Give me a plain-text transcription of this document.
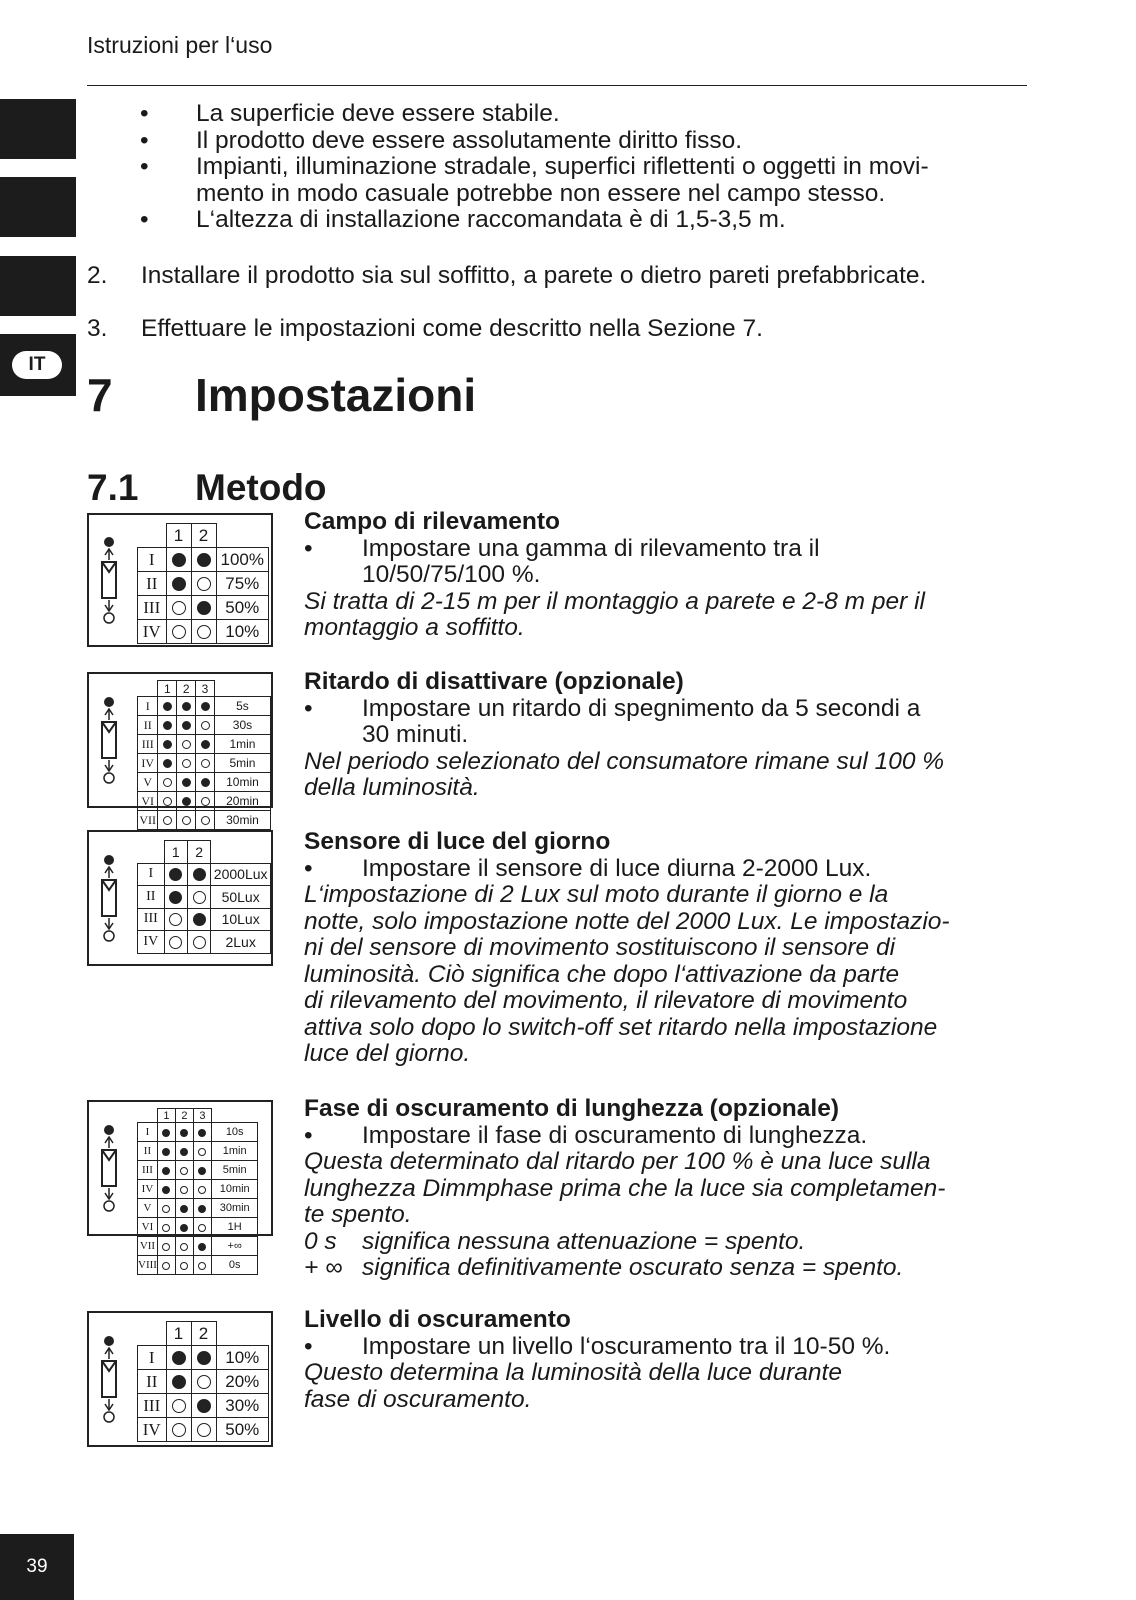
Istruzioni per l‘uso
IT
39
• La superficie deve essere stabile.
• Il prodotto deve essere assolutamente diritto fisso.
• Impianti, illuminazione stradale, superfici riflettenti o oggetti in movi-
mento in modo casuale potrebbe non essere nel campo stesso.
• L‘altezza di installazione raccomandata è di 1,5-3,5 m.
2. Installare il prodotto sia sul soffitto, a parete o dietro pareti prefabbricate.
3. Effettuare le impostazioni come descritto nella Sezione 7.
7 Impostazioni
7.1 Metodo
Campo di rilevamento
• Impostare una gamma di rilevamento tra il
10/50/75/100 %.
Si tratta di 2-15 m per il montaggio a parete e 2-8 m per il
montaggio a soffitto.
Ritardo di disattivare (opzionale)
• Impostare un ritardo di spegnimento da 5 secondi a
30 minuti.
Nel periodo selezionato del consumatore rimane sul 100 %
della luminosità.
Sensore di luce del giorno
• Impostare il sensore di luce diurna 2-2000 Lux.
L‘impostazione di 2 Lux sul moto durante il giorno e la
notte, solo impostazione notte del 2000 Lux. Le impostazio-
ni del sensore di movimento sostituiscono il sensore di
luminosità. Ciò significa che dopo l‘attivazione da parte
di rilevamento del movimento, il rilevatore di movimento
attiva solo dopo lo switch-off set ritardo nella impostazione
luce del giorno.
Fase di oscuramento di lunghezza (opzionale)
• Impostare il fase di oscuramento di lunghezza.
Questa determinato dal ritardo per 100 % è una luce sulla
lunghezza Dimmphase prima che la luce sia completamen-
te spento.
0 s significa nessuna attenuazione = spento.
+ ∞ significa definitivamente oscurato senza = spento.
Livello di oscuramento
• Impostare un livello l‘oscuramento tra il 10-50 %.
Questo determina la luminosità della luce durante
fase di oscuramento.
	1	2	
I			100%
II			75%
III			50%
IV			10%
	1	2	3	
I				5s
II				30s
III				1min
IV				5min
V				10min
VI				20min
VII				30min
	1	2	
I			2000Lux
II			50Lux
III			10Lux
IV			2Lux
	1	2	3	
I				10s
II				1min
III				5min
IV				10min
V				30min
VI				1H
VII				+∞
VIII				0s
	1	2	
I			10%
II			20%
III			30%
IV			50%
